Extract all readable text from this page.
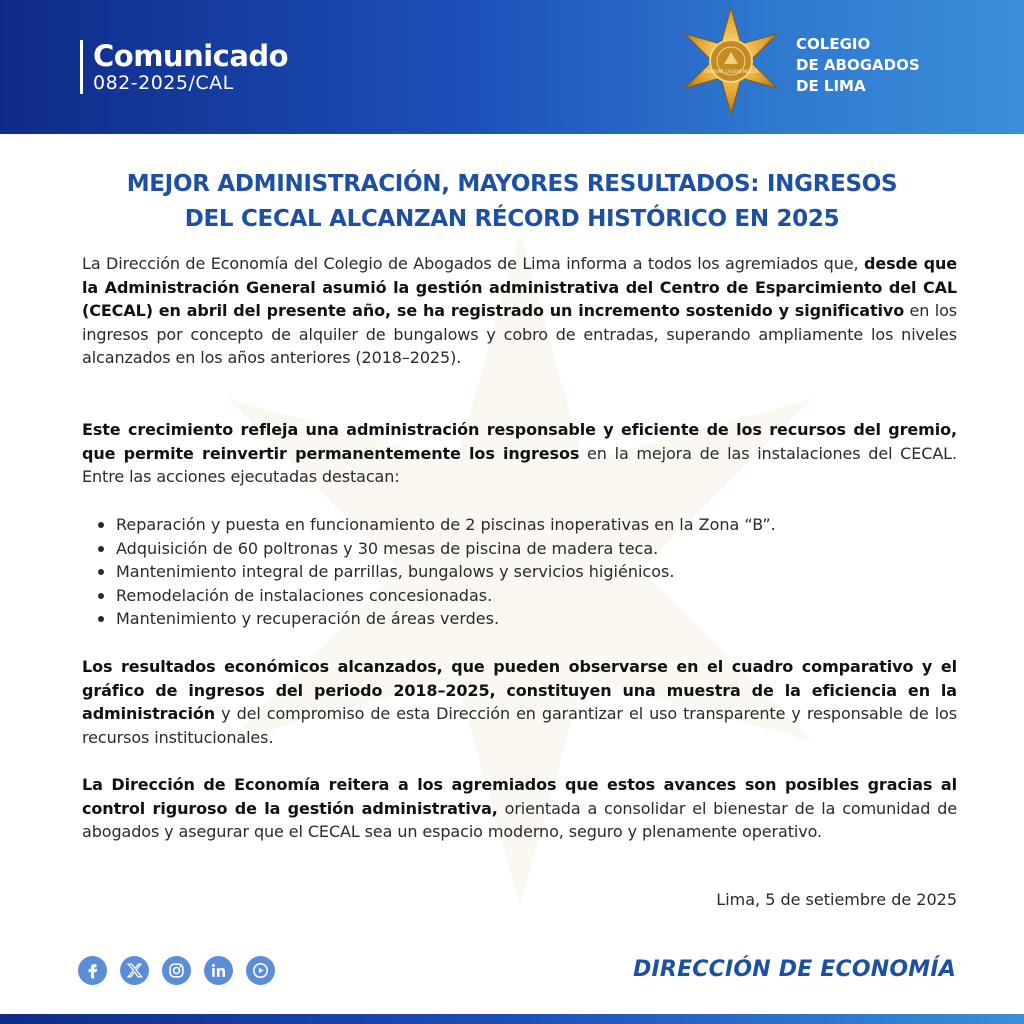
Comunicado
082-2025/CAL
ORABUNT CAUSAS MELIUS
COLEGIO
DE ABOGADOS
DE LIMA
MEJOR ADMINISTRACIÓN, MAYORES RESULTADOS: INGRESOS
DEL CECAL ALCANZAN RÉCORD HISTÓRICO EN 2025

La Dirección de Economía del Colegio de Abogados de Lima informa a todos los agremiados que, desde que la Administración General asumió la gestión administrativa del Centro de Esparcimiento del CAL (CECAL) en abril del presente año, se ha registrado un incremento sostenido y significativo en los ingresos por concepto de alquiler de bungalows y cobro de entradas, superando ampliamente los niveles alcanzados en los años anteriores (2018–2025).

Este crecimiento refleja una administración responsable y eficiente de los recursos del gremio, que permite reinvertir permanentemente los ingresos en la mejora de las instalaciones del CECAL. Entre las acciones ejecutadas destacan:

Reparación y puesta en funcionamiento de 2 piscinas inoperativas en la Zona “B”.
Adquisición de 60 poltronas y 30 mesas de piscina de madera teca.
Mantenimiento integral de parrillas, bungalows y servicios higiénicos.
Remodelación de instalaciones concesionadas.
Mantenimiento y recuperación de áreas verdes.

Los resultados económicos alcanzados, que pueden observarse en el cuadro comparativo y el gráfico de ingresos del periodo 2018–2025, constituyen una muestra de la eficiencia en la administración y del compromiso de esta Dirección en garantizar el uso transparente y responsable de los recursos institucionales.

La Dirección de Economía reitera a los agremiados que estos avances son posibles gracias al control riguroso de la gestión administrativa, orientada a consolidar el bienestar de la comunidad de abogados y asegurar que el CECAL sea un espacio moderno, seguro y plenamente operativo.

Lima, 5 de setiembre de 2025
DIRECCIÓN DE ECONOMÍA
